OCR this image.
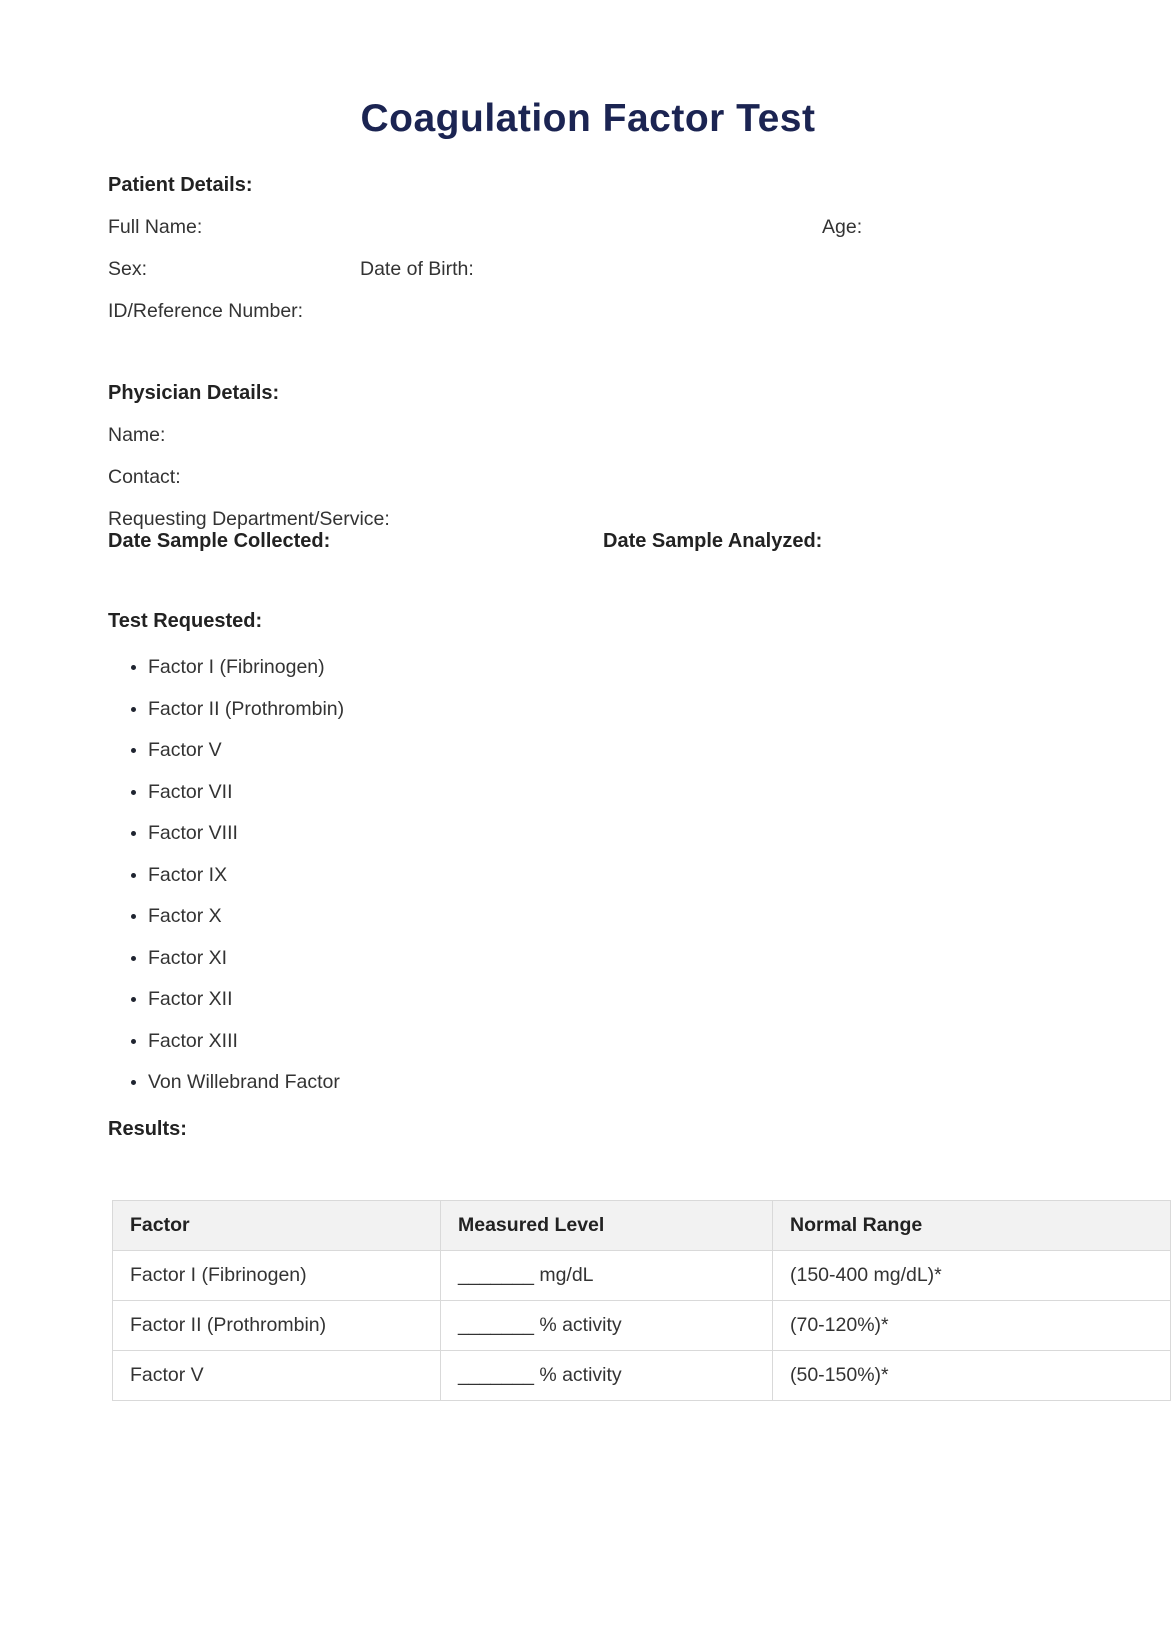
Coagulation Factor Test
Patient Details:

Full Name:	Age:

Sex:	Date of Birth:

ID/Reference Number:

Physician Details:

Name:

Contact:

Requesting Department/Service:

Date Sample Collected:	Date Sample Analyzed:

Test Requested:
• Factor I (Fibrinogen)
• Factor II (Prothrombin)
• Factor V
• Factor VII
• Factor VIII
• Factor IX
• Factor X
• Factor XI
• Factor XII
• Factor XIII
• Von Willebrand Factor
Results:
Factor	Measured Level	Normal Range
Factor I (Fibrinogen)	_______ mg/dL	(150-400 mg/dL)*
Factor II (Prothrombin)	_______ % activity	(70-120%)*
Factor V	_______ % activity	(50-150%)*
